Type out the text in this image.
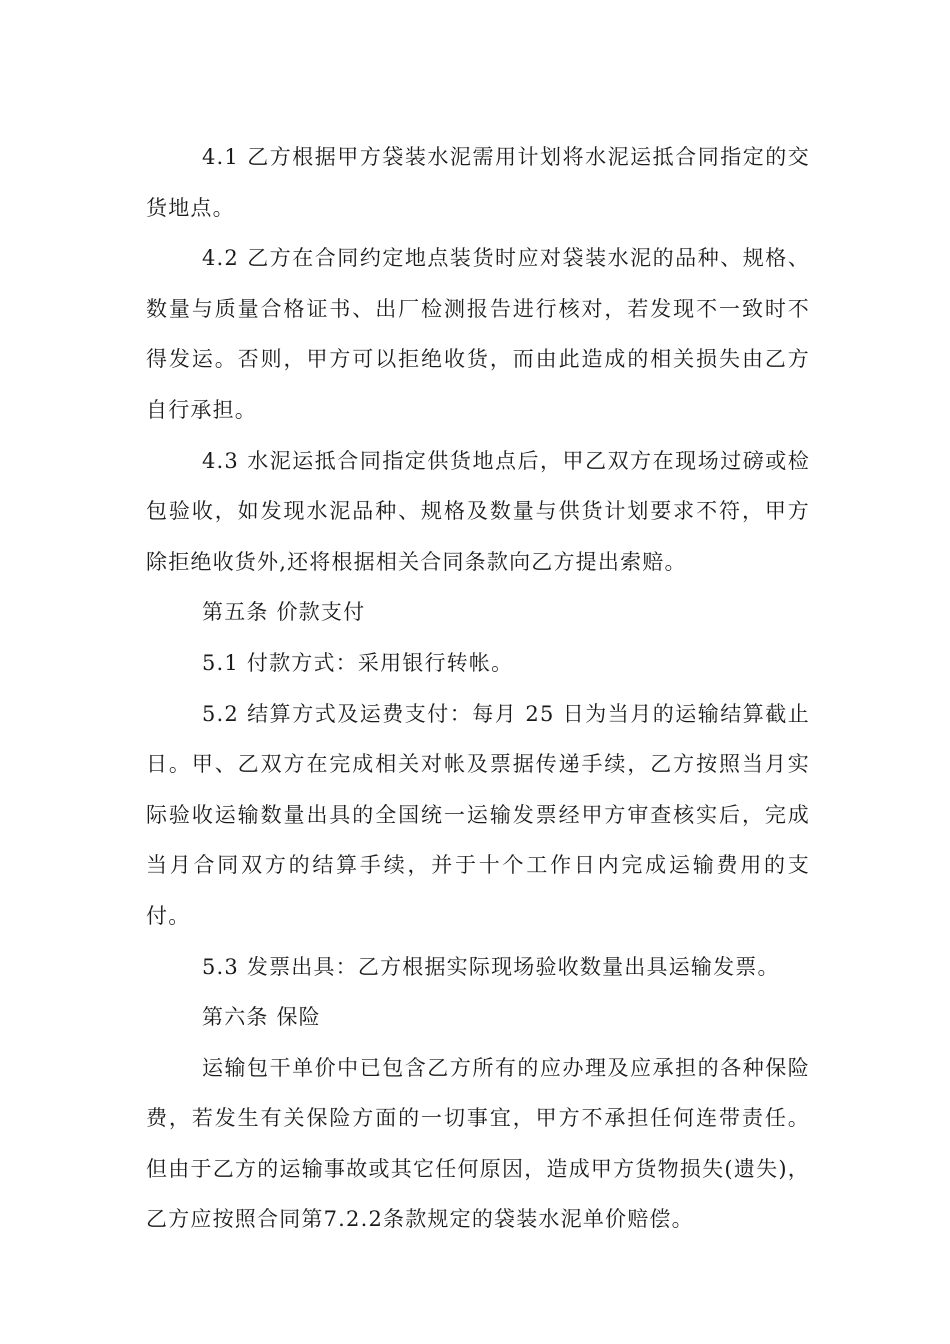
4.1 乙方根据甲方袋装水泥需用计划将水泥运抵合同指定的交货地点。

4.2 乙方在合同约定地点装货时应对袋装水泥的品种、规格、数量与质量合格证书、出厂检测报告进行核对，若发现不一致时不得发运。否则，甲方可以拒绝收货，而由此造成的相关损失由乙方自行承担。

4.3 水泥运抵合同指定供货地点后，甲乙双方在现场过磅或检包验收，如发现水泥品种、规格及数量与供货计划要求不符，甲方除拒绝收货外,还将根据相关合同条款向乙方提出索赔。

第五条 价款支付

5.1 付款方式：采用银行转帐。

5.2 结算方式及运费支付：每月 25 日为当月的运输结算截止日。甲、乙双方在完成相关对帐及票据传递手续，乙方按照当月实际验收运输数量出具的全国统一运输发票经甲方审查核实后，完成当月合同双方的结算手续，并于十个工作日内完成运输费用的支付。

5.3 发票出具：乙方根据实际现场验收数量出具运输发票。

第六条 保险

运输包干单价中已包含乙方所有的应办理及应承担的各种保险费，若发生有关保险方面的一切事宜，甲方不承担任何连带责任。但由于乙方的运输事故或其它任何原因，造成甲方货物损失(遗失)，乙方应按照合同第7.2.2条款规定的袋装水泥单价赔偿。
